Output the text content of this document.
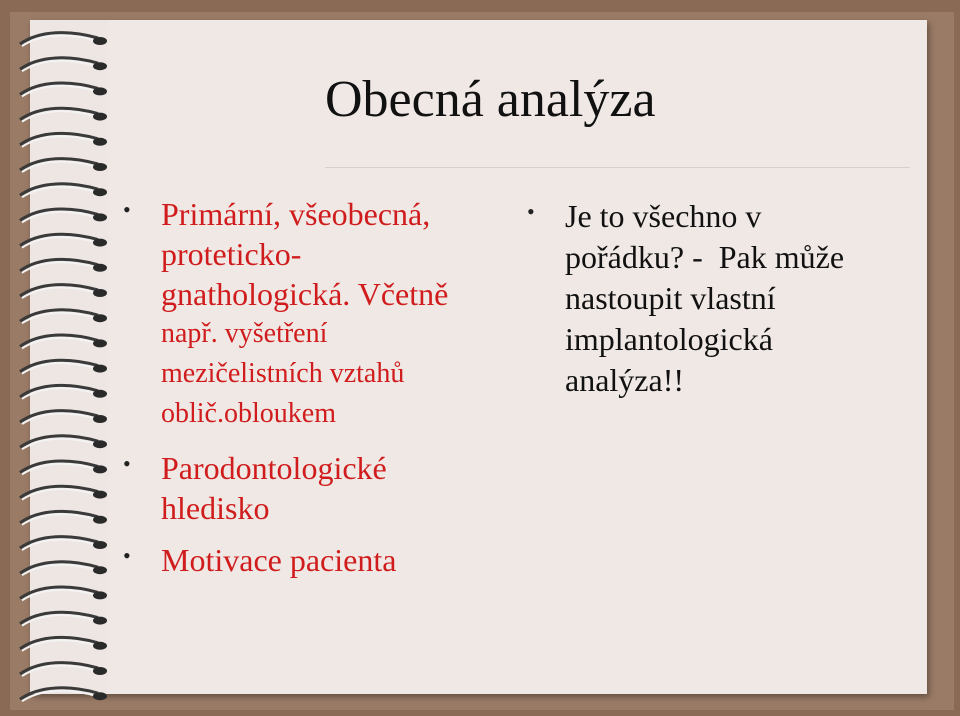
Obecná analýza
• Primární, všeobecná,
proteticko-
gnathologická. Včetně
např. vyšetření
mezičelistních vztahů
oblič.obloukem
• Parodontologické
hledisko
• Motivace pacienta
• Je to všechno v
pořádku? -  Pak může
nastoupit vlastní
implantologická
analýza!!
